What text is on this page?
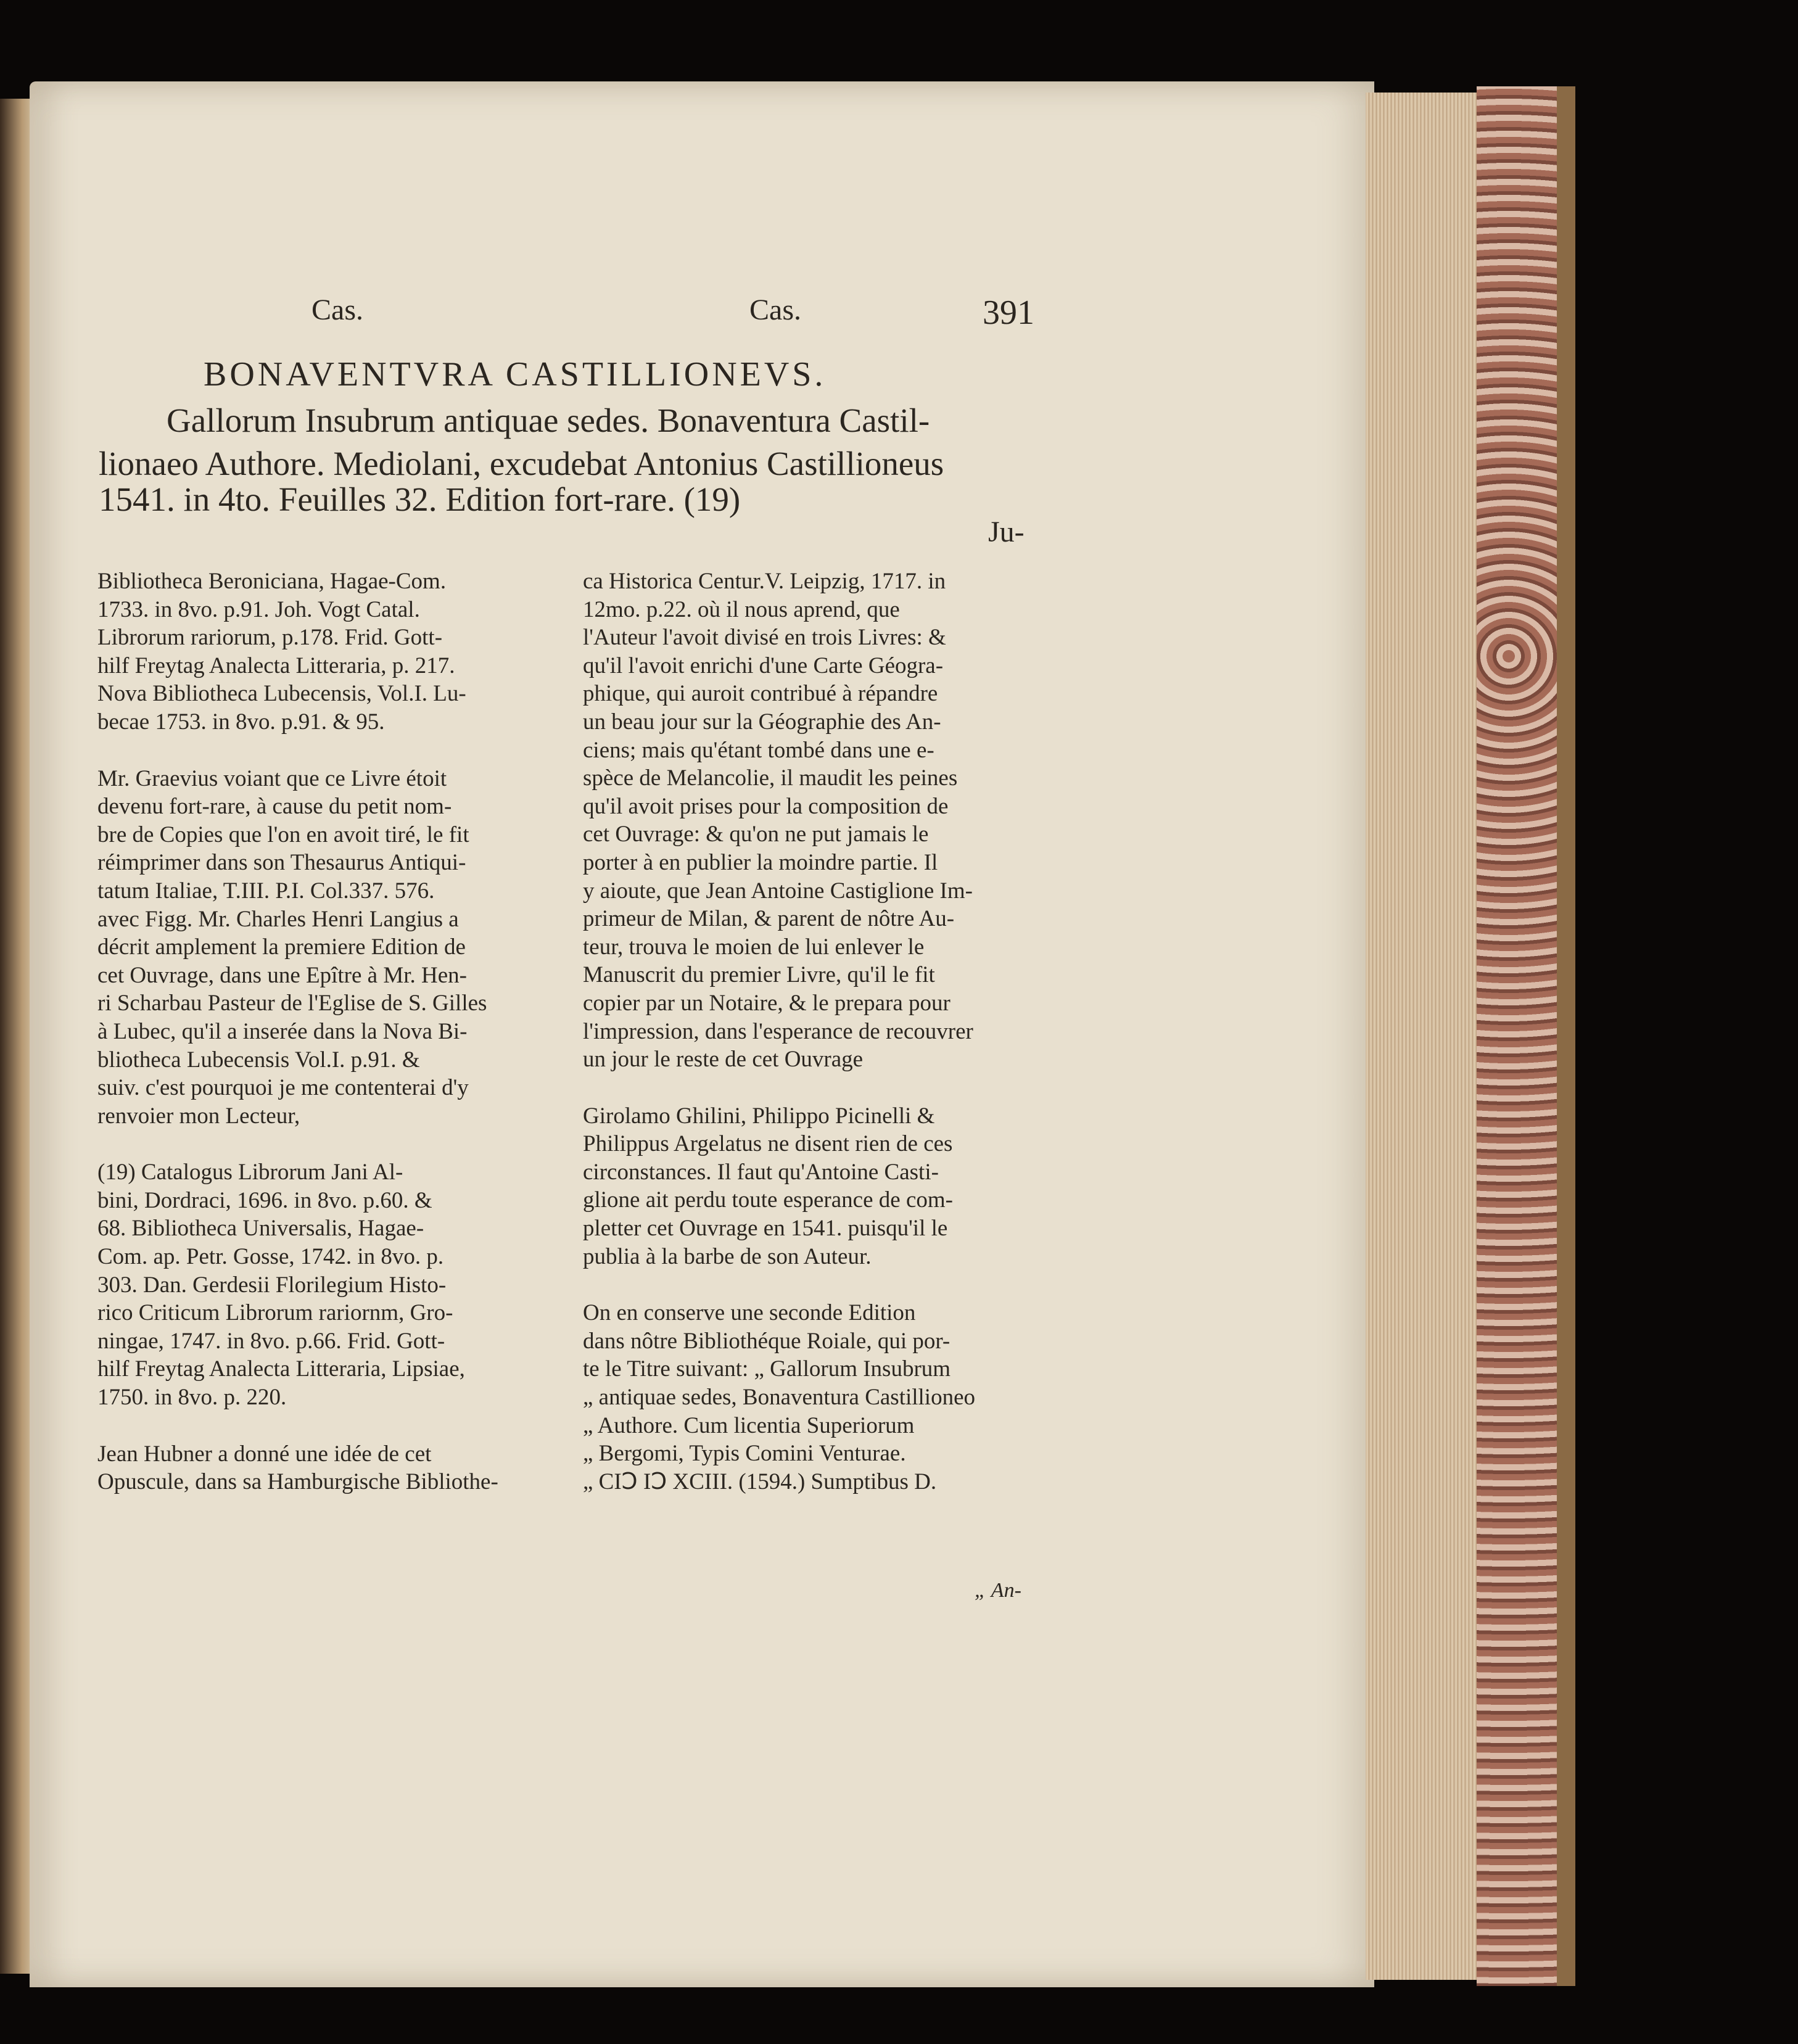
Cas.	Cas.	391
BONAVENTVRA CASTILLIONEVS.
Gallorum Insubrum antiquae sedes. Bonaventura Castil-
lionaeo Authore. Mediolani, excudebat Antonius Castillioneus
1541. in 4to. Feuilles 32. Edition fort-rare. (19)
Ju-

Bibliotheca Beroniciana, Hagae-Com.

1733. in 8vo. p.91. Joh. Vogt Catal.

Librorum rariorum, p.178. Frid. Gott-

hilf Freytag Analecta Litteraria, p. 217.

Nova Bibliotheca Lubecensis, Vol.I. Lu-

becae 1753. in 8vo. p.91. & 95.

Mr. Graevius voiant que ce Livre étoit

devenu fort-rare, à cause du petit nom-

bre de Copies que l'on en avoit tiré, le fit

réimprimer dans son Thesaurus Antiqui-

tatum Italiae, T.III. P.I. Col.337. 576.

avec Figg. Mr. Charles Henri Langius a

décrit amplement la premiere Edition de

cet Ouvrage, dans une Epître à Mr. Hen-

ri Scharbau Pasteur de l'Eglise de S. Gilles

à Lubec, qu'il a inserée dans la Nova Bi-

bliotheca Lubecensis Vol.I. p.91. &

suiv. c'est pourquoi je me contenterai d'y

renvoier mon Lecteur,

(19) Catalogus Librorum Jani Al-

bini, Dordraci, 1696. in 8vo. p.60. &

68. Bibliotheca Universalis, Hagae-

Com. ap. Petr. Gosse, 1742. in 8vo. p.

303. Dan. Gerdesii Florilegium Histo-

rico Criticum Librorum rariornm, Gro-

ningae, 1747. in 8vo. p.66. Frid. Gott-

hilf Freytag Analecta Litteraria, Lipsiae,

1750. in 8vo. p. 220.

Jean Hubner a donné une idée de cet

Opuscule, dans sa Hamburgische Bibliothe-

ca Historica Centur.V. Leipzig, 1717. in

12mo. p.22. où il nous aprend, que

l'Auteur l'avoit divisé en trois Livres: &

qu'il l'avoit enrichi d'une Carte Géogra-

phique, qui auroit contribué à répandre

un beau jour sur la Géographie des An-

ciens; mais qu'étant tombé dans une e-

spèce de Melancolie, il maudit les peines

qu'il avoit prises pour la composition de

cet Ouvrage: & qu'on ne put jamais le

porter à en publier la moindre partie. Il

y aioute, que Jean Antoine Castiglione Im-

primeur de Milan, & parent de nôtre Au-

teur, trouva le moien de lui enlever le

Manuscrit du premier Livre, qu'il le fit

copier par un Notaire, & le prepara pour

l'impression, dans l'esperance de recouvrer

un jour le reste de cet Ouvrage

Girolamo Ghilini, Philippo Picinelli &

Philippus Argelatus ne disent rien de ces

circonstances. Il faut qu'Antoine Casti-

glione ait perdu toute esperance de com-

pletter cet Ouvrage en 1541. puisqu'il le

publia à la barbe de son Auteur.

On en conserve une seconde Edition

dans nôtre Bibliothéque Roiale, qui por-

te le Titre suivant: „ Gallorum Insubrum

„ antiquae sedes, Bonaventura Castillioneo

„ Authore. Cum licentia Superiorum

„ Bergomi, Typis Comini Venturae.

„ CIↃ IↃ XCIII. (1594.) Sumptibus D.

„ An-
